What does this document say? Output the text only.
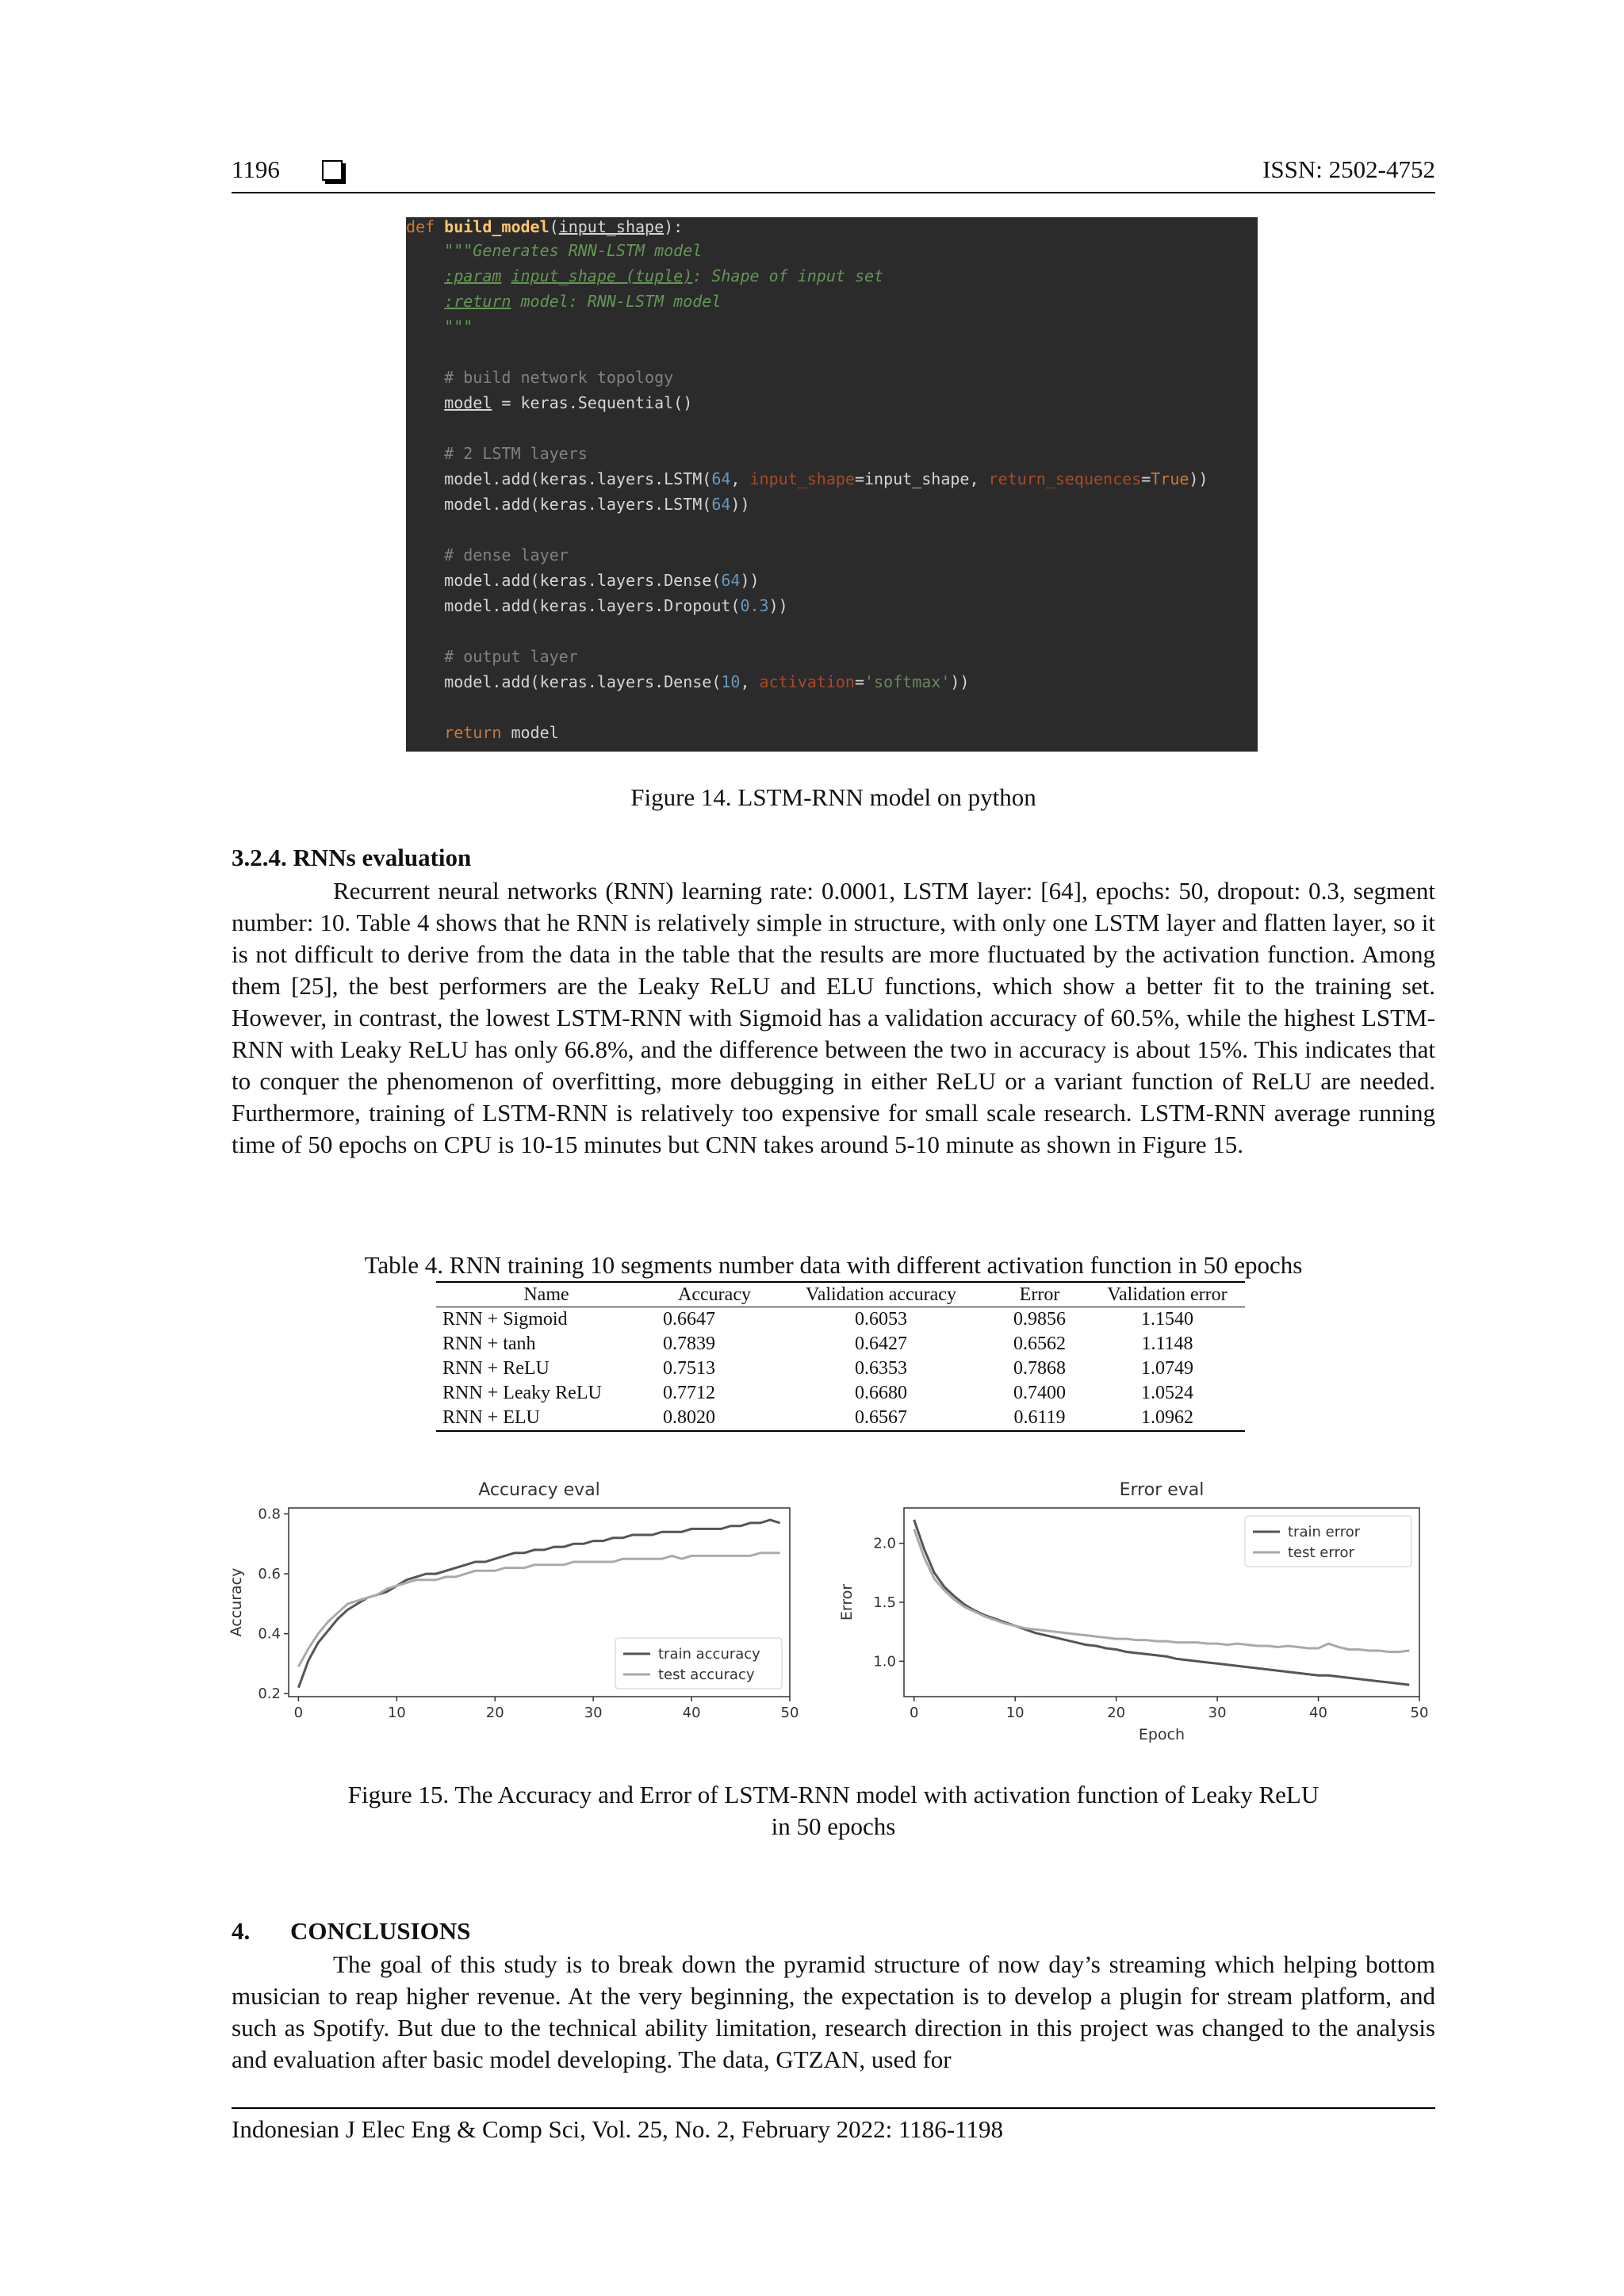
1196	ISSN: 2502-4752
def build_model(input_shape):
"""Generates RNN-LSTM model
:param input_shape (tuple): Shape of input set
:return model: RNN-LSTM model
"""
# build network topology
model = keras.Sequential()
# 2 LSTM layers
model.add(keras.layers.LSTM(64, input_shape=input_shape, return_sequences=True))
model.add(keras.layers.LSTM(64))
# dense layer
model.add(keras.layers.Dense(64))
model.add(keras.layers.Dropout(0.3))
# output layer
model.add(keras.layers.Dense(10, activation='softmax'))
return model
Figure 14. LSTM-RNN model on python
3.2.4. RNNs evaluation
Recurrent neural networks (RNN) learning rate: 0.0001, LSTM layer: [64], epochs: 50, dropout: 0.3, segment number: 10. Table 4 shows that he RNN is relatively simple in structure, with only one LSTM layer and flatten layer, so it is not difficult to derive from the data in the table that the results are more fluctuated by the activation function. Among them [25], the best performers are the Leaky ReLU and ELU functions, which show a better fit to the training set. However, in contrast, the lowest LSTM-RNN with Sigmoid has a validation accuracy of 60.5%, while the highest LSTM-RNN with Leaky ReLU has only 66.8%, and the difference between the two in accuracy is about 15%. This indicates that to conquer the phenomenon of overfitting, more debugging in either ReLU or a variant function of ReLU are needed. Furthermore, training of LSTM-RNN is relatively too expensive for small scale research. LSTM-RNN average running time of 50 epochs on CPU is 10-15 minutes but CNN takes around 5-10 minute as shown in Figure 15.
Table 4. RNN training 10 segments number data with different activation function in 50 epochs
Name	Accuracy	Validation accuracy	Error	Validation error
RNN + Sigmoid	0.6647	0.6053	0.9856	1.1540
RNN + tanh	0.7839	0.6427	0.6562	1.1148
RNN + ReLU	0.7513	0.6353	0.7868	1.0749
RNN + Leaky ReLU	0.7712	0.6680	0.7400	1.0524
RNN + ELU	0.8020	0.6567	0.6119	1.0962
Accuracy eval
0	10	20	30	40	50
0.2
0.4
0.6
0.8
Accuracy
train accuracy
test accuracy
Error eval
0	10	20	30	40	50
1.0
1.5
2.0
Error
Epoch
train error
test error
Figure 15. The Accuracy and Error of LSTM-RNN model with activation function of Leaky ReLU
in 50 epochs
4. CONCLUSIONS
The goal of this study is to break down the pyramid structure of now day’s streaming which helping bottom musician to reap higher revenue. At the very beginning, the expectation is to develop a plugin for stream platform, and such as Spotify. But due to the technical ability limitation, research direction in this project was changed to the analysis and evaluation after basic model developing. The data, GTZAN, used for
Indonesian J Elec Eng & Comp Sci, Vol. 25, No. 2, February 2022: 1186-1198
